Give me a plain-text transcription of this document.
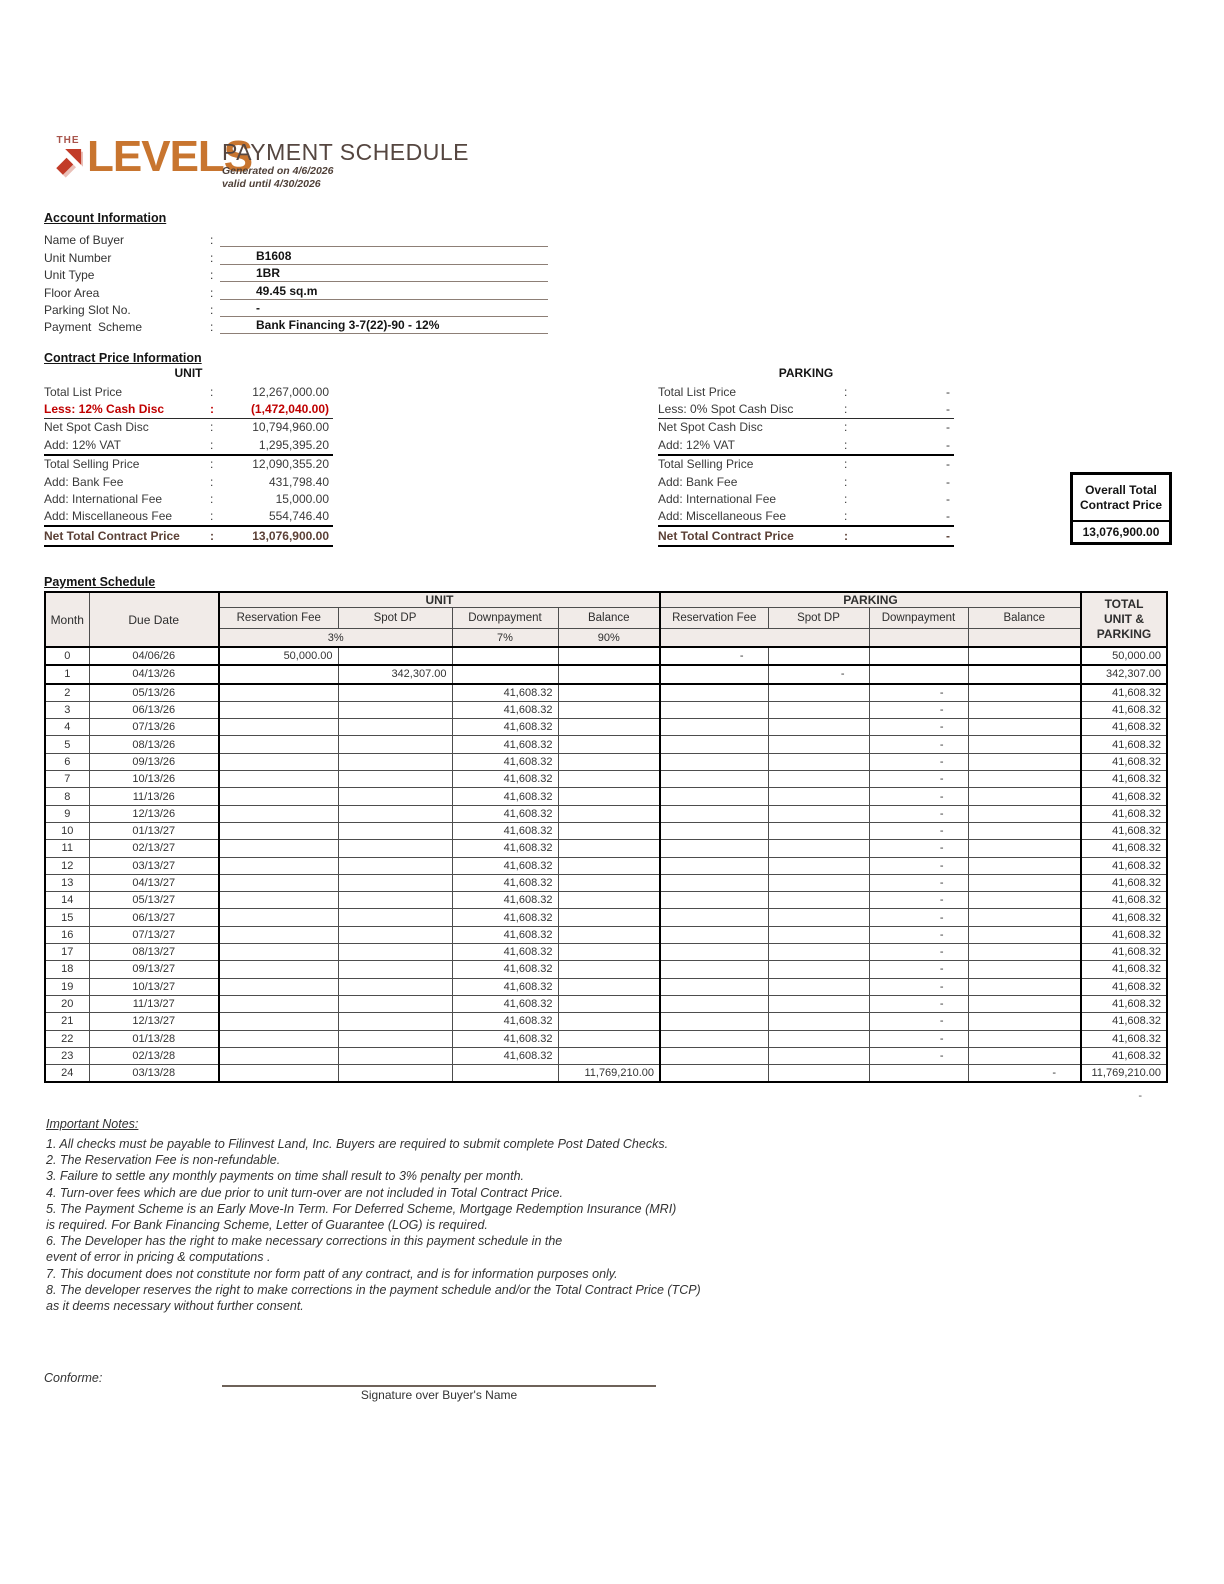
THE LEVELS
PAYMENT SCHEDULE
Generated on 4/6/2026
valid until 4/30/2026
Account Information
Name of Buyer	:
Unit Number	:	B1608
Unit Type	:	1BR
Floor Area	:	49.45 sq.m
Parking Slot No.	:	-
Payment  Scheme	:	Bank Financing 3-7(22)-90 - 12%
Contract Price Information
UNIT
Total List Price	:	12,267,000.00
Less: 12% Cash Disc	:	(1,472,040.00)
Net Spot Cash Disc	:	10,794,960.00
Add: 12% VAT	:	1,295,395.20
Total Selling Price	:	12,090,355.20
Add: Bank Fee	:	431,798.40
Add: International Fee	:	15,000.00
Add: Miscellaneous Fee	:	554,746.40
Net Total Contract Price	:	13,076,900.00
PARKING
Total List Price	:	-
Less: 0% Spot Cash Disc	:	-
Net Spot Cash Disc	:	-
Add: 12% VAT	:	-
Total Selling Price	:	-
Add: Bank Fee	:	-
Add: International Fee	:	-
Add: Miscellaneous Fee	:	-
Net Total Contract Price	:	-
Overall Total Contract Price
13,076,900.00
Payment Schedule
Month	Due Date	UNIT				PARKING				TOTAL
UNIT &
PARKING

		Reservation Fee	Spot DP	Downpayment	Balance	Reservation Fee	Spot DP	Downpayment	Balance	
		3%		7%	90%					
0	04/06/26	50,000.00				-				50,000.00
1	04/13/26		342,307.00				-			342,307.00
2	05/13/26			41,608.32				-		41,608.32
3	06/13/26			41,608.32				-		41,608.32
4	07/13/26			41,608.32				-		41,608.32
5	08/13/26			41,608.32				-		41,608.32
6	09/13/26			41,608.32				-		41,608.32
7	10/13/26			41,608.32				-		41,608.32
8	11/13/26			41,608.32				-		41,608.32
9	12/13/26			41,608.32				-		41,608.32
10	01/13/27			41,608.32				-		41,608.32
11	02/13/27			41,608.32				-		41,608.32
12	03/13/27			41,608.32				-		41,608.32
13	04/13/27			41,608.32				-		41,608.32
14	05/13/27			41,608.32				-		41,608.32
15	06/13/27			41,608.32				-		41,608.32
16	07/13/27			41,608.32				-		41,608.32
17	08/13/27			41,608.32				-		41,608.32
18	09/13/27			41,608.32				-		41,608.32
19	10/13/27			41,608.32				-		41,608.32
20	11/13/27			41,608.32				-		41,608.32
21	12/13/27			41,608.32				-		41,608.32
22	01/13/28			41,608.32				-		41,608.32
23	02/13/28			41,608.32				-		41,608.32
24	03/13/28				11,769,210.00				-	11,769,210.00
-
Important Notes:
1. All checks must be payable to Filinvest Land, Inc. Buyers are required to submit complete Post Dated Checks.
2. The Reservation Fee is non-refundable.
3. Failure to settle any monthly payments on time shall result to 3% penalty per month.
4. Turn-over fees which are due prior to unit turn-over are not included in Total Contract Price.
5. The Payment Scheme is an Early Move-In Term. For Deferred Scheme, Mortgage Redemption Insurance (MRI)
is required. For Bank Financing Scheme, Letter of Guarantee (LOG) is required.
6. The Developer has the right to make necessary corrections in this payment schedule in the
event of error in pricing & computations .
7. This document does not constitute nor form patt of any contract, and is for information purposes only.
8. The developer reserves the right to make corrections in the payment schedule and/or the Total Contract Price (TCP)
as it deems necessary without further consent.
Conforme:
Signature over Buyer's Name
